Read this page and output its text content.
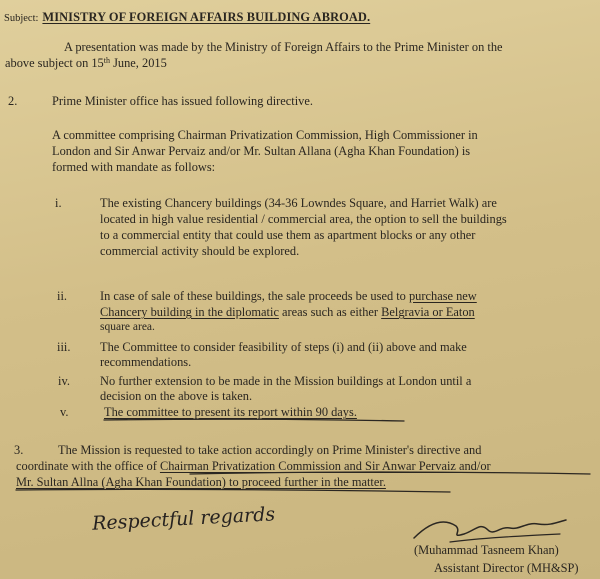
Subject: MINISTRY OF FOREIGN AFFAIRS BUILDING ABROAD.
A presentation was made by the Ministry of Foreign Affairs to the Prime Minister on the
above subject on 15th June, 2015
2.	Prime Minister office has issued following directive.
A committee comprising Chairman Privatization Commission, High Commissioner in
London and Sir Anwar Pervaiz and/or Mr. Sultan Allana (Agha Khan Foundation) is
formed with mandate as follows:
i.	The existing Chancery buildings (34-36 Lowndes Square, and Harriet Walk) are
located in high value residential / commercial area, the option to sell the buildings
to a commercial entity that could use them as apartment blocks or any other
commercial activity should be explored.
ii.	In case of sale of these buildings, the sale proceeds be used to purchase new
Chancery building in the diplomatic areas such as either Belgravia or Eaton
square area.
iii. The Committee to consider feasibility of steps (i) and (ii) above and make
recommendations.
iv. No further extension to be made in the Mission buildings at London until a
decision on the above is taken.
v.	The committee to present its report within 90 days.
3.	The Mission is requested to take action accordingly on Prime Minister's directive and
coordinate with the office of Chairman Privatization Commission and Sir Anwar Pervaiz and/or
Mr. Sultan Allna (Agha Khan Foundation) to proceed further in the matter.
Respectful regards
(Muhammad Tasneem Khan)
Assistant Director (MH&SP)
